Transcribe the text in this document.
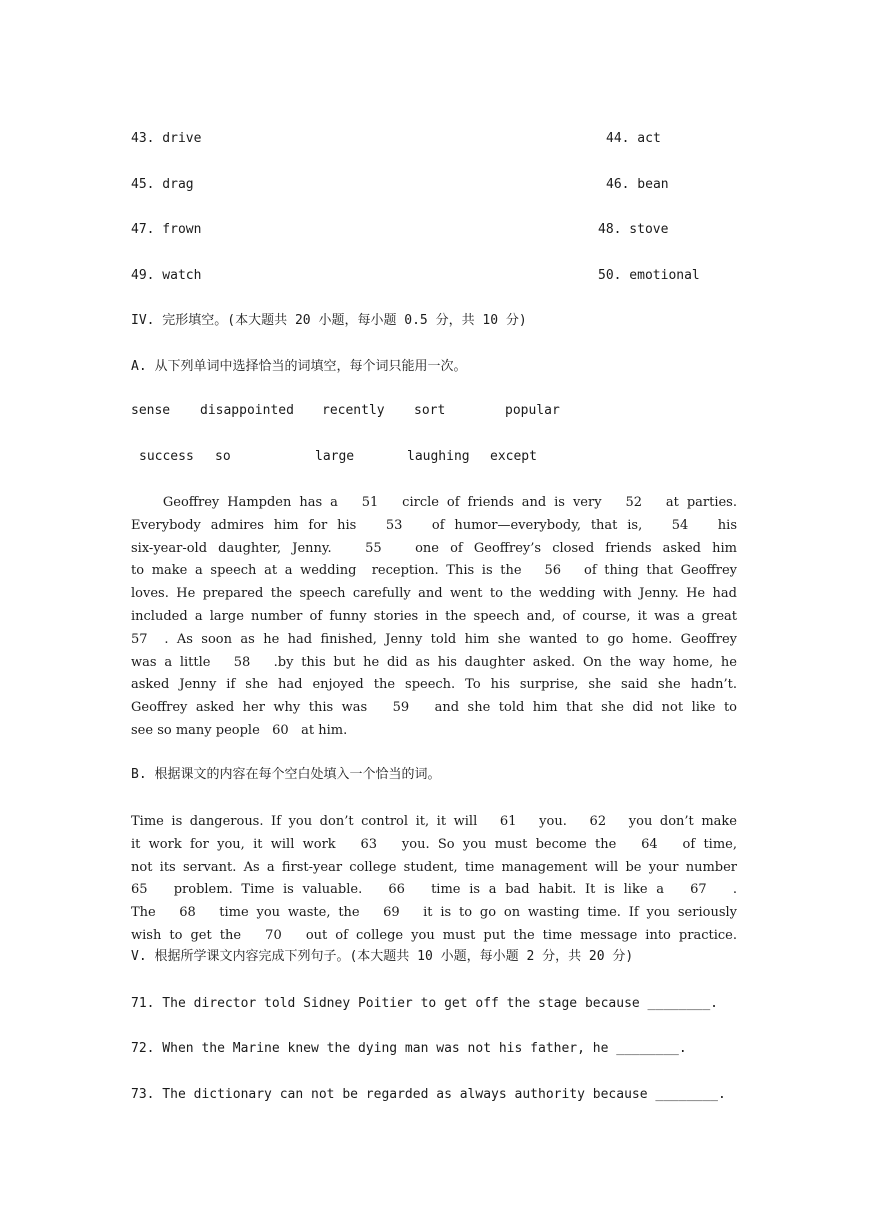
43. drive	44. act
45. drag	46. bean
47. frown	48. stove
49. watch	50. emotional
IV. 完形填空。(本大题共 20 小题，每小题 0.5 分，共 10 分)
A. 从下列单词中选择恰当的词填空，每个词只能用一次。
sense disappointed recently sort	popular
success so	large	laughing except
Geoffrey Hampden has a   51   circle of friends and is very   52   at parties.
Everybody admires him for his   53   of humor—everybody, that is,   54   his
six-year-old daughter, Jenny.   55   one of Geoffrey’s closed friends asked him
to make a speech at a wedding  reception. This is the   56   of thing that Geoffrey
loves. He prepared the speech carefully and went to the wedding with Jenny. He had
included a large number of funny stories in the speech and, of course, it was a great
57  . As soon as he had finished, Jenny told him she wanted to go home. Geoffrey
was a little   58   .by this but he did as his daughter asked. On the way home, he
asked Jenny if she had enjoyed the speech. To his surprise, she said she hadn’t.
Geoffrey asked her why this was   59   and she told him that she did not like to
see so many people   60   at him.
B. 根据课文的内容在每个空白处填入一个恰当的词。
Time is dangerous. If you don’t control it, it will   61   you.   62   you don’t make
it work for you, it will work   63   you. So you must become the   64   of time,
not its servant. As a first-year college student, time management will be your number
65   problem. Time is valuable.   66   time is a bad habit. It is like a   67   .
The   68   time you waste, the   69   it is to go on wasting time. If you seriously
wish to get the   70   out of college you must put the time message into practice.
V. 根据所学课文内容完成下列句子。(本大题共 10 小题，每小题 2 分，共 20 分)
71. The director told Sidney Poitier to get off the stage because ________.
72. When the Marine knew the dying man was not his father, he ________.
73. The dictionary can not be regarded as always authority because ________.
